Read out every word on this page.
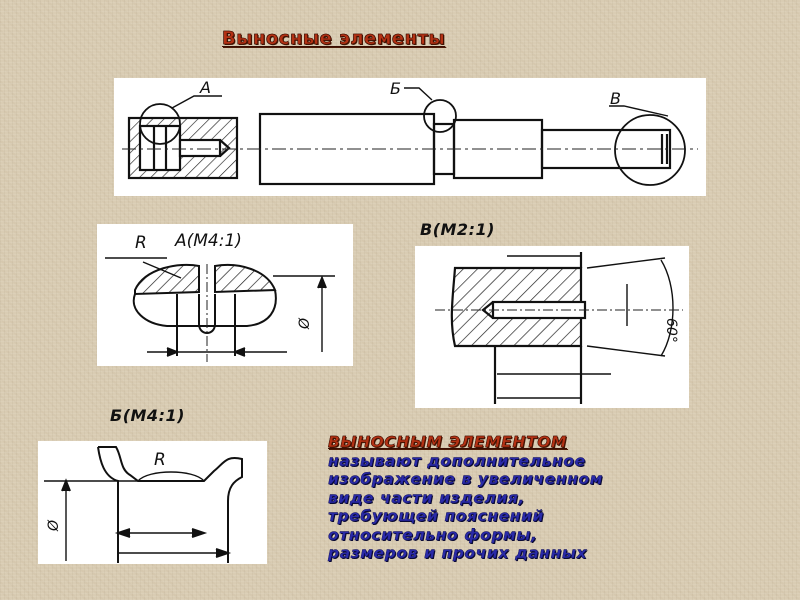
Выносные элементы
А	Б
В
А(М4:1)
R
Ø
В(М2:1)
60°
Б(М4:1)
R
Ø
ВЫНОСНЫМ ЭЛЕМЕНТОМ
называют дополнительное
изображение в увеличенном
виде части изделия,
требующей пояснений
относительно формы,
размеров и прочих данных
